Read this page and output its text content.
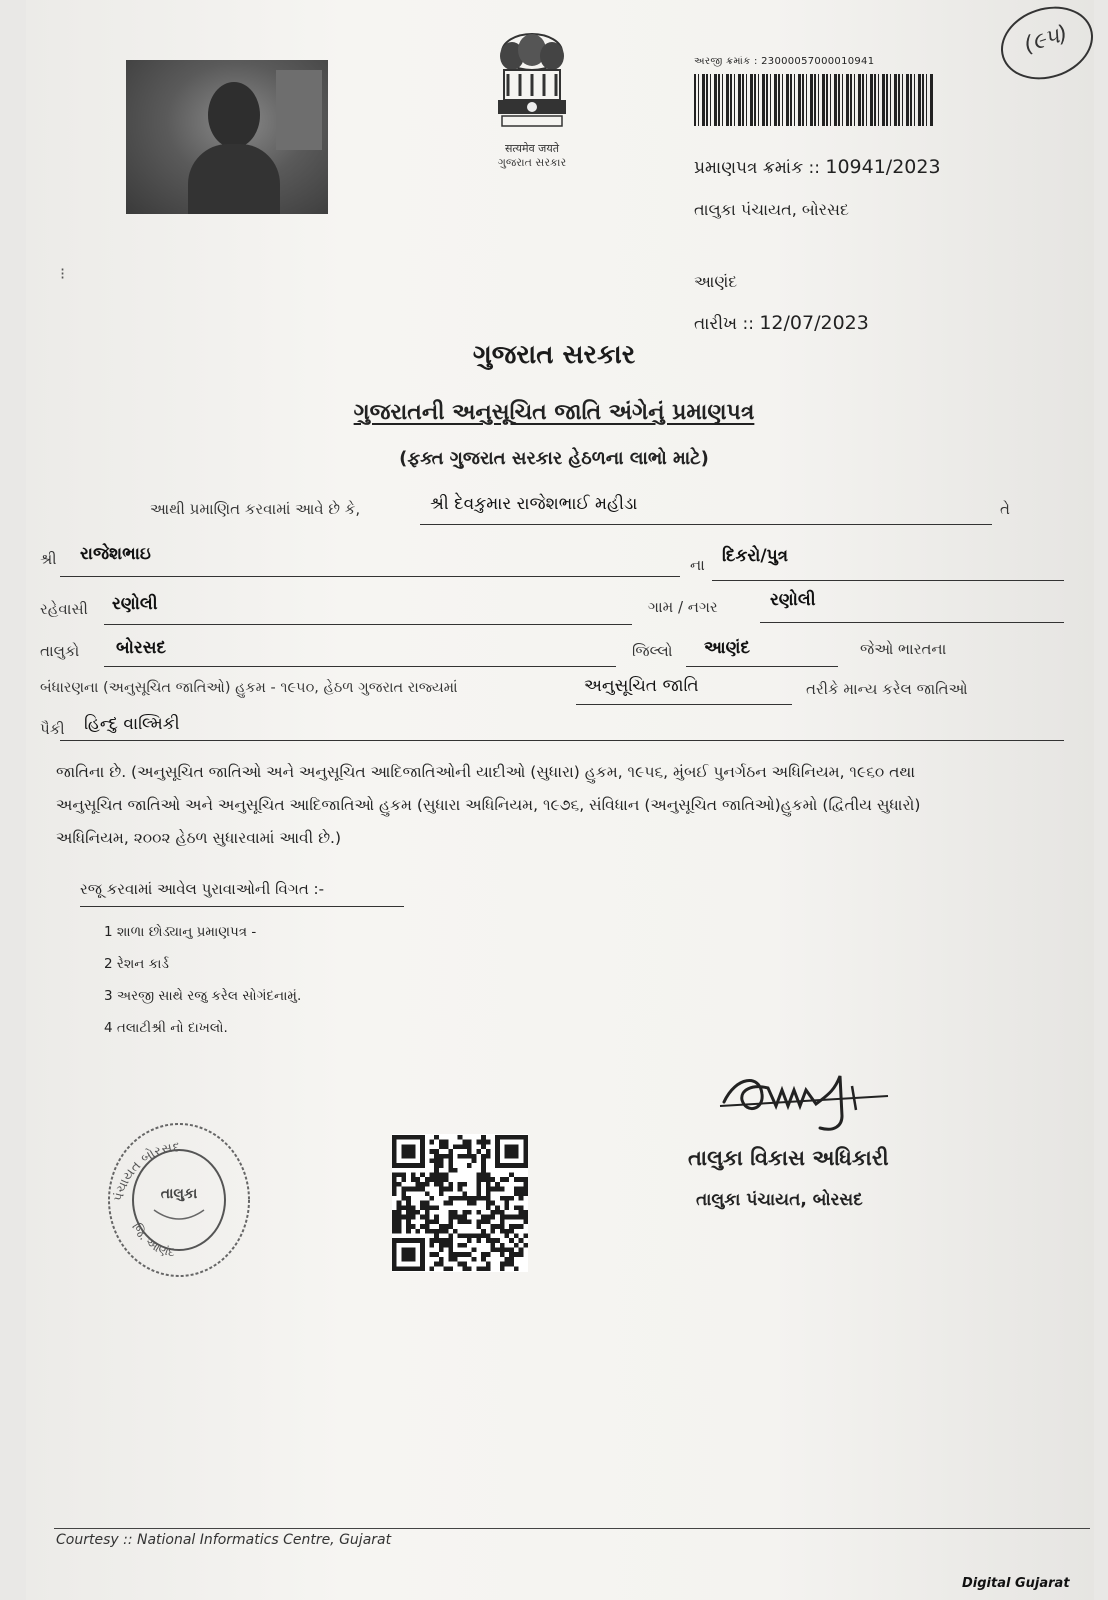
⁝
सत्यमेव जयते
ગુજરાત સરકાર
અરજી ક્રમાંક : 23000057000010941
(૯૫)
પ્રમાણપત્ર ક્રમાંક :: 10941/2023
તાલુકા પંચાયત, બોરસદ
આણંદ
તારીખ :: 12/07/2023
ગુજરાત સરકાર
ગુજરાતની અનુસૂચિત જાતિ અંગેનું પ્રમાણપત્ર
(ફક્ત ગુજરાત સરકાર હેઠળના લાભો માટે)
આથી પ્રમાણિત કરવામાં આવે છે કે,	શ્રી દેવકુમાર રાજેશભાઈ મહીડા	તે
શ્રી રાજેશભાઇ
ના દિકરો/પુત્ર
રહેવાસી રણોલી	ગામ / નગર	રણોલી
તાલુકો બોરસદ	જિલ્લો આણંદ	જેઓ ભારતના
બંધારણના (અનુસૂચિત જાતિઓ) હુકમ - ૧૯૫૦, હેઠળ ગુજરાત રાજ્યમાં	અનુસૂચિત જાતિ	તરીકે માન્ય કરેલ જાતિઓ
પૈકી હિન્દુ વાલ્મિકી
જાતિના છે. (અનુસૂચિત જાતિઓ અને અનુસૂચિત આદિજાતિઓની યાદીઓ (સુધારા) હુકમ, ૧૯૫૬, મુંબઈ પુનર્ગઠન અધિનિયમ, ૧૯૬૦ તથા
અનુસૂચિત જાતિઓ અને અનુસૂચિત આદિજાતિઓ હુકમ (સુધારા અધિનિયમ, ૧૯૭૬, સંવિધાન (અનુસૂચિત જાતિઓ)હુકમો (દ્વિતીય સુધારો)
અધિનિયમ, ૨૦૦૨ હેઠળ સુધારવામાં આવી છે.)
રજૂ કરવામાં આવેલ પુરાવાઓની વિગત :-
1 શાળા છોડ્યાનુ પ્રમાણપત્ર -
2 રેશન કાર્ડ
3 અરજી સાથે રજુ કરેલ સોગંદનામું.
4 તલાટીશ્રી નો દાખલો.
પંચાયત બોરસદ
તાલુકા
જિ. આણંદ
તાલુકા વિકાસ અધિકારી
તાલુકા પંચાયત, બોરસદ
Courtesy :: National Informatics Centre, Gujarat
Digital Gujarat
